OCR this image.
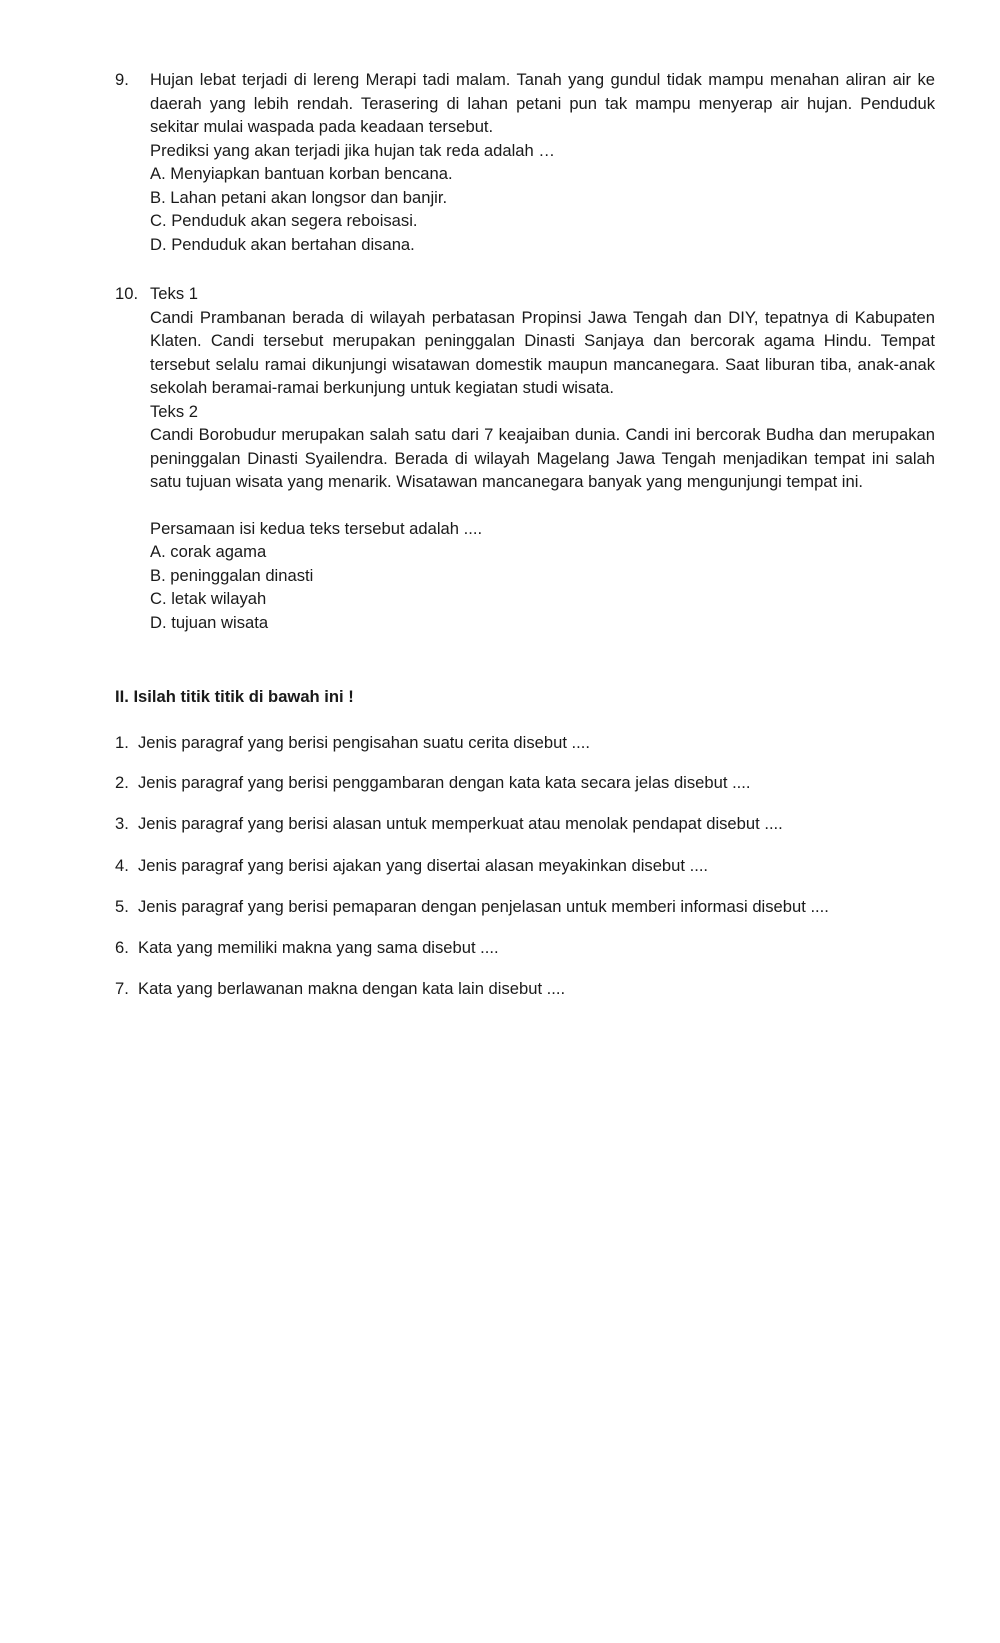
9. Hujan lebat terjadi di lereng Merapi tadi malam. Tanah yang gundul tidak mampu menahan aliran air ke daerah yang lebih rendah. Terasering di lahan petani pun tak mampu menyerap air hujan. Penduduk sekitar mulai waspada pada keadaan tersebut.
Prediksi yang akan terjadi jika hujan tak reda adalah …
A. Menyiapkan bantuan korban bencana.
B. Lahan petani akan longsor dan banjir.
C. Penduduk akan segera reboisasi.
D. Penduduk akan bertahan disana.
10. Teks 1
Candi Prambanan berada di wilayah perbatasan Propinsi Jawa Tengah dan DIY, tepatnya di Kabupaten Klaten. Candi tersebut merupakan peninggalan Dinasti Sanjaya dan bercorak agama Hindu. Tempat tersebut selalu ramai dikunjungi wisatawan domestik maupun mancanegara. Saat liburan tiba, anak-anak sekolah beramai-ramai berkunjung untuk kegiatan studi wisata.
Teks 2
Candi Borobudur merupakan salah satu dari 7 keajaiban dunia. Candi ini bercorak Budha dan merupakan peninggalan Dinasti Syailendra. Berada di wilayah Magelang Jawa Tengah menjadikan tempat ini salah satu tujuan wisata yang menarik. Wisatawan mancanegara banyak yang mengunjungi tempat ini.
Persamaan isi kedua teks tersebut adalah ....
A. corak agama
B. peninggalan dinasti
C. letak wilayah
D. tujuan wisata
II. Isilah titik titik di bawah ini !
1. Jenis paragraf yang berisi pengisahan suatu cerita disebut ....
2. Jenis paragraf yang berisi penggambaran dengan kata kata secara jelas disebut ....
3. Jenis paragraf yang berisi alasan untuk memperkuat atau menolak pendapat disebut ....
4. Jenis paragraf yang berisi ajakan yang disertai alasan meyakinkan disebut ....
5. Jenis paragraf yang berisi pemaparan dengan penjelasan untuk memberi informasi disebut ....
6. Kata yang memiliki makna yang sama disebut ....
7. Kata yang berlawanan makna dengan kata lain disebut ....
